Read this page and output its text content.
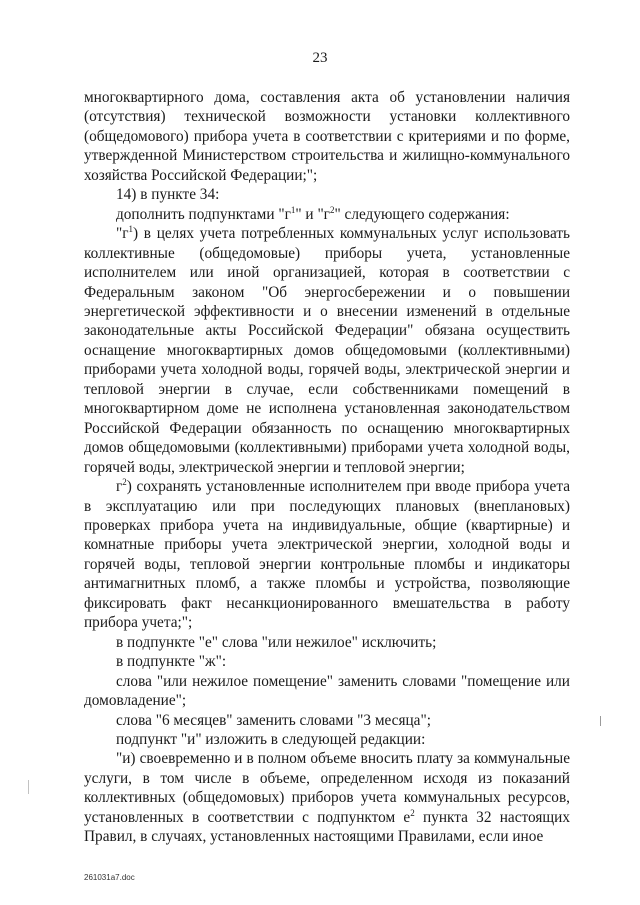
23

многоквартирного дома, составления акта об установлении наличия (отсутствия) технической возможности установки коллективного (общедомового) прибора учета в соответствии с критериями и по форме, утвержденной Министерством строительства и жилищно-коммунального хозяйства Российской Федерации;";

14) в пункте 34:

дополнить подпунктами "$г^1$" и "$г^2$" следующего содержания:

"$г^1$) в целях учета потребленных коммунальных услуг использовать коллективные (общедомовые) приборы учета, установленные исполнителем или иной организацией, которая в соответствии с Федеральным законом "Об энергосбережении и о повышении энергетической эффективности и о внесении изменений в отдельные законодательные акты Российской Федерации" обязана осуществить оснащение многоквартирных домов общедомовыми (коллективными) приборами учета холодной воды, горячей воды, электрической энергии и тепловой энергии в случае, если собственниками помещений в многоквартирном доме не исполнена установленная законодательством Российской Федерации обязанность по оснащению многоквартирных домов общедомовыми (коллективными) приборами учета холодной воды, горячей воды, электрической энергии и тепловой энергии;

$г^2$) сохранять установленные исполнителем при вводе прибора учета в эксплуатацию или при последующих плановых (внеплановых) проверках прибора учета на индивидуальные, общие (квартирные) и комнатные приборы учета электрической энергии, холодной воды и горячей воды, тепловой энергии контрольные пломбы и индикаторы антимагнитных пломб, а также пломбы и устройства, позволяющие фиксировать факт несанкционированного вмешательства в работу прибора учета;";

в подпункте "е" слова "или нежилое" исключить;

в подпункте "ж":

слова "или нежилое помещение" заменить словами "помещение или домовладение";

слова "6 месяцев" заменить словами "3 месяца";

подпункт "и" изложить в следующей редакции:

"и) своевременно и в полном объеме вносить плату за коммунальные услуги, в том числе в объеме, определенном исходя из показаний коллективных (общедомовых) приборов учета коммунальных ресурсов, установленных в соответствии с подпунктом $е^2$ пункта 32 настоящих Правил, в случаях, установленных настоящими Правилами, если иное

261031a7.doc
